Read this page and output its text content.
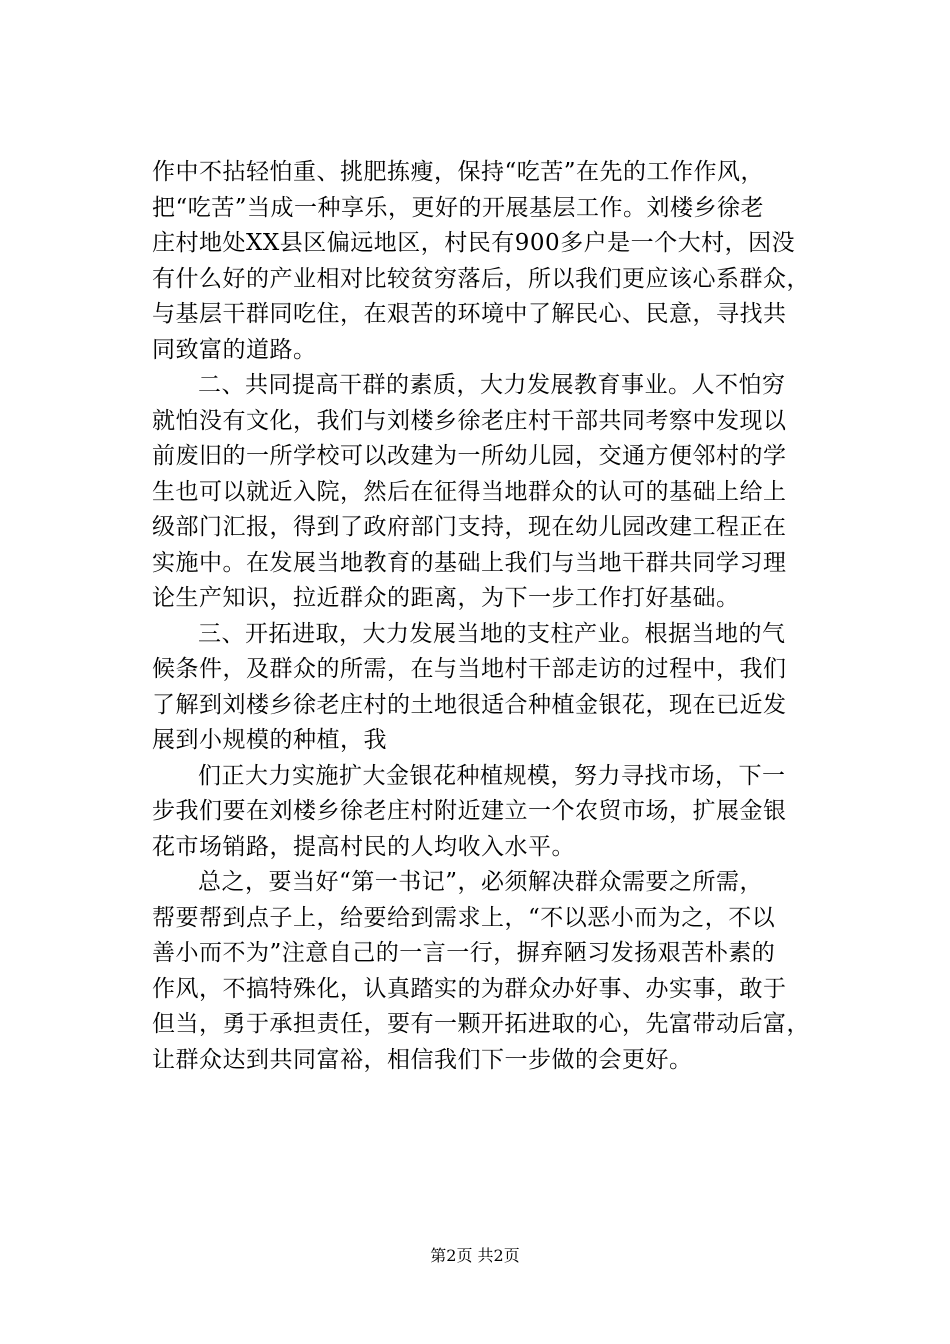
作中不拈轻怕重、挑肥拣瘦，保持“吃苦”在先的工作作风，
把“吃苦”当成一种享乐，更好的开展基层工作。刘楼乡徐老
庄村地处XX县区偏远地区，村民有900多户是一个大村，因没
有什么好的产业相对比较贫穷落后，所以我们更应该心系群众，
与基层干群同吃住，在艰苦的环境中了解民心、民意，寻找共
同致富的道路。
二、共同提高干群的素质，大力发展教育事业。人不怕穷
就怕没有文化，我们与刘楼乡徐老庄村干部共同考察中发现以
前废旧的一所学校可以改建为一所幼儿园，交通方便邻村的学
生也可以就近入院，然后在征得当地群众的认可的基础上给上
级部门汇报，得到了政府部门支持，现在幼儿园改建工程正在
实施中。在发展当地教育的基础上我们与当地干群共同学习理
论生产知识，拉近群众的距离，为下一步工作打好基础。
三、开拓进取，大力发展当地的支柱产业。根据当地的气
候条件，及群众的所需，在与当地村干部走访的过程中，我们
了解到刘楼乡徐老庄村的土地很适合种植金银花，现在已近发
展到小规模的种植，我
们正大力实施扩大金银花种植规模，努力寻找市场，下一
步我们要在刘楼乡徐老庄村附近建立一个农贸市场，扩展金银
花市场销路，提高村民的人均收入水平。
总之，要当好“第一书记”，必须解决群众需要之所需，
帮要帮到点子上，给要给到需求上，“不以恶小而为之，不以
善小而不为”注意自己的一言一行，摒弃陋习发扬艰苦朴素的
作风，不搞特殊化，认真踏实的为群众办好事、办实事，敢于
但当，勇于承担责任，要有一颗开拓进取的心，先富带动后富，
让群众达到共同富裕，相信我们下一步做的会更好。
第2页 共2页
